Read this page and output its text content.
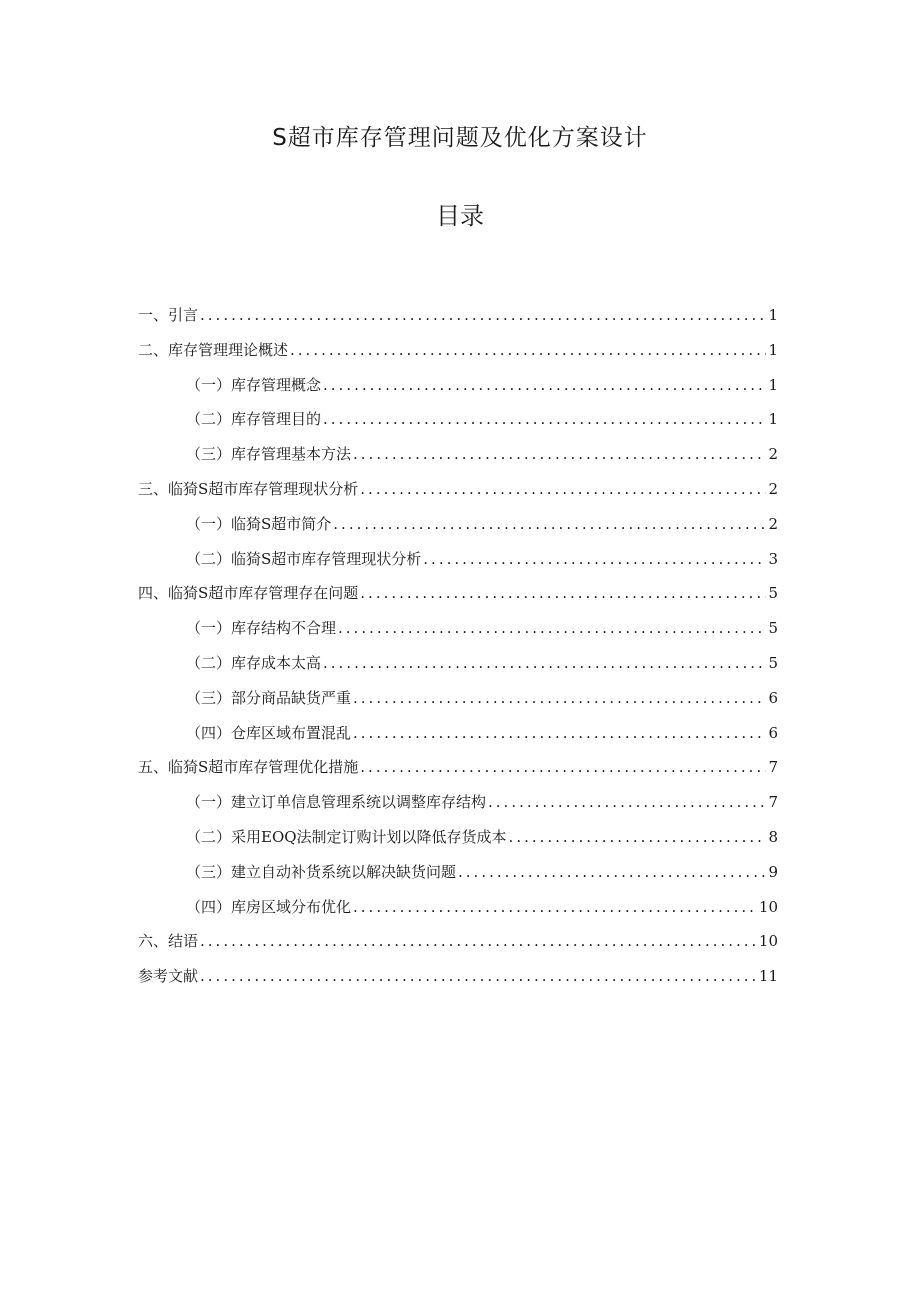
S超市库存管理问题及优化方案设计
目录
一、引言 .....	1
二、库存管理理论概述 .....	1
（一）库存管理概念 .....	1
（二）库存管理目的 .....	1
（三）库存管理基本方法 .....	2
三、临猗S超市库存管理现状分析 .....	2
（一）临猗S超市简介 .....	2
（二）临猗S超市库存管理现状分析 .....	3
四、临猗S超市库存管理存在问题 .....	5
（一）库存结构不合理 .....	5
（二）库存成本太高 .....	5
（三）部分商品缺货严重 .....	6
（四）仓库区域布置混乱 .....	6
五、临猗S超市库存管理优化措施 .....	7
（一）建立订单信息管理系统以调整库存结构 .....	7
（二）采用EOQ法制定订购计划以降低存货成本 .....	8
（三）建立自动补货系统以解决缺货问题 .....	9
（四）库房区域分布优化 .....	10
六、结语 .....	10
参考文献 .....	11
